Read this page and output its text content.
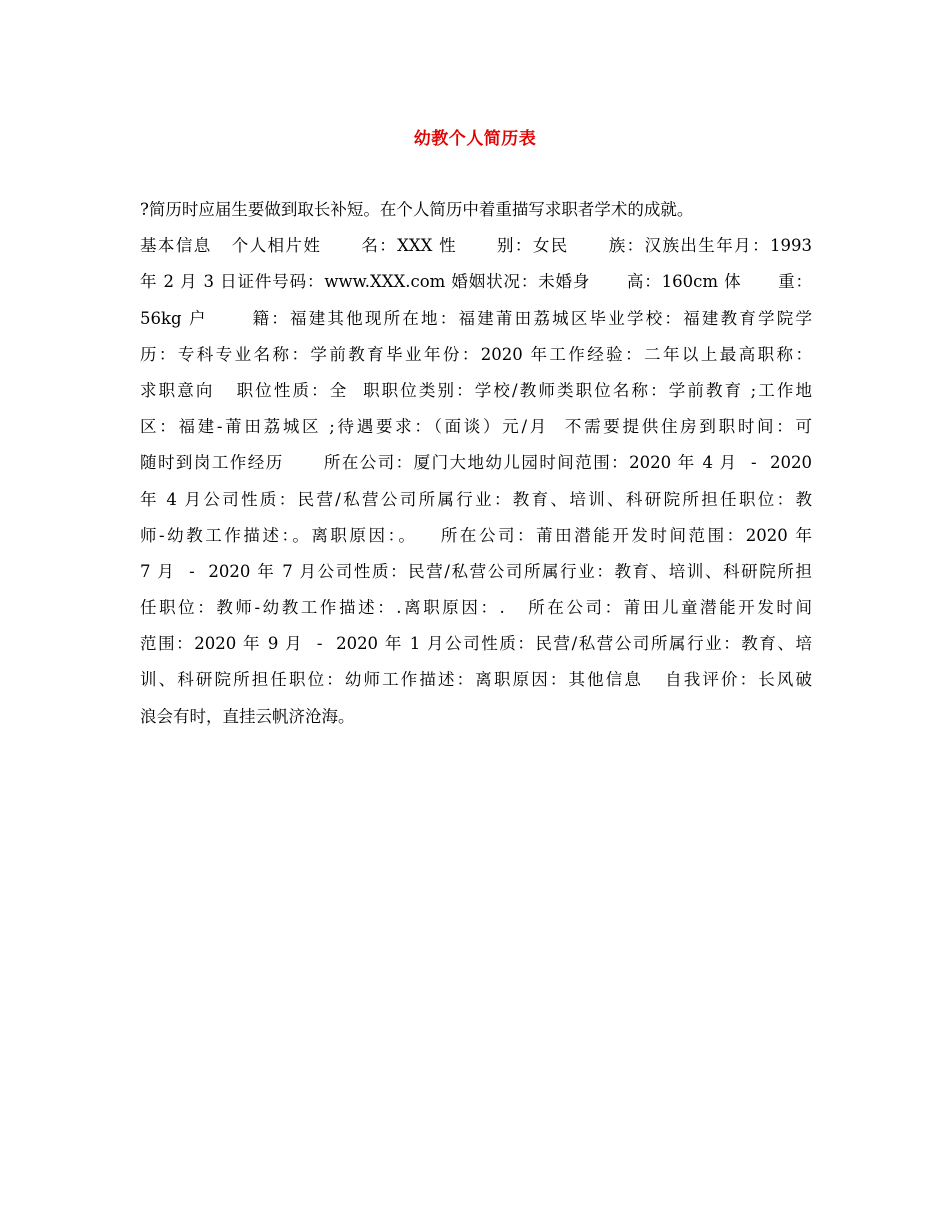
幼教个人简历表
?简历时应届生要做到取长补短。在个人简历中着重描写求职者学术的成就。
基本信息   个人相片姓      名：XXX 性      别：女民      族：汉族出生年月：1993
年 2 月 3 日证件号码：www.XXX.com 婚姻状况：未婚身      高：160cm 体      重：
56kg 户      籍：福建其他现所在地：福建莆田荔城区毕业学校：福建教育学院学
历：专科专业名称：学前教育毕业年份：2020 年工作经验：二年以上最高职称：
求职意向   职位性质：全  职职位类别：学校/教师类职位名称：学前教育 ;工作地
区：福建-莆田荔城区 ;待遇要求：（面谈）元/月  不需要提供住房到职时间：可
随时到岗工作经历      所在公司：厦门大地幼儿园时间范围：2020 年 4 月  -  2020
年 4 月公司性质：民营/私营公司所属行业：教育、培训、科研院所担任职位：教
师-幼教工作描述：。离职原因：。   所在公司：莆田潜能开发时间范围：2020 年
7 月  -  2020 年 7 月公司性质：民营/私营公司所属行业：教育、培训、科研院所担
任职位：教师-幼教工作描述：.离职原因：.   所在公司：莆田儿童潜能开发时间
范围：2020 年 9 月  -  2020 年 1 月公司性质：民营/私营公司所属行业：教育、培
训、科研院所担任职位：幼师工作描述：离职原因：其他信息   自我评价：长风破
浪会有时，直挂云帆济沧海。
